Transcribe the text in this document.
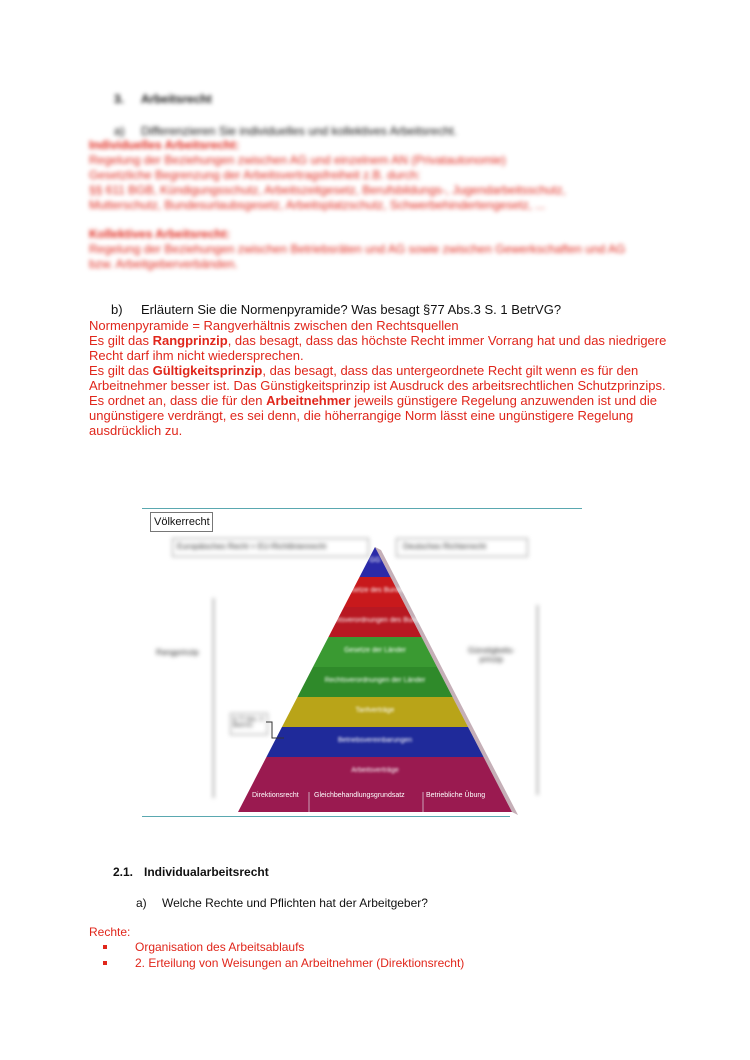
3. Arbeitsrecht
a) Differenzieren Sie individuelles und kollektives Arbeitsrecht.
Individuelles Arbeitsrecht:
Regelung der Beziehungen zwischen AG und einzelnem AN (Privatautonomie)
Gesetzliche Begrenzung der Arbeitsvertragsfreiheit z.B. durch:
§§ 611 BGB, Kündigungsschutz, Arbeitszeitgesetz, Berufsbildungs-, Jugendarbeitsschutz,
Mutterschutz, Bundesurlaubsgesetz, Arbeitsplatzschutz, Schwerbehindertengesetz, ...
Kollektives Arbeitsrecht:
Regelung der Beziehungen zwischen Betriebsräten und AG sowie zwischen Gewerkschaften und AG
bzw. Arbeitgeberverbänden.
b) Erläutern Sie die Normenpyramide? Was besagt §77 Abs.3 S. 1 BetrVG?
Normenpyramide = Rangverhältnis zwischen den Rechtsquellen
Es gilt das Rangprinzip, das besagt, dass das höchste Recht immer Vorrang hat und das niedrigere
Recht darf ihm nicht wiedersprechen.
Es gilt das Gültigkeitsprinzip, das besagt, dass das untergeordnete Recht gilt wenn es für den
Arbeitnehmer besser ist. Das Günstigkeitsprinzip ist Ausdruck des arbeitsrechtlichen Schutzprinzips.
Es ordnet an, dass die für den Arbeitnehmer jeweils günstigere Regelung anzuwenden ist und die
ungünstigere verdrängt, es sei denn, die höherrangige Norm lässt eine ungünstigere Regelung
ausdrücklich zu.
Völkerrecht
Europäisches Recht = EU-Richtlinienrecht	Deutsches Richterrecht
Rangprinzip	Günstigkeits-
prinzip
§ 77 Abs. 3 BetrVG
GG
Gesetze des Bundes
Rechtsverordnungen des Bundes
Gesetze der Länder
Rechtsverordnungen der Länder
Tarifverträge
Betriebsvereinbarungen
Arbeitsverträge
Direktionsrecht Gleichbehandlungsgrundsatz	Betriebliche Übung
2.1. Individualarbeitsrecht
a) Welche Rechte und Pflichten hat der Arbeitgeber?
Rechte:
Organisation des Arbeitsablaufs
2. Erteilung von Weisungen an Arbeitnehmer (Direktionsrecht)
